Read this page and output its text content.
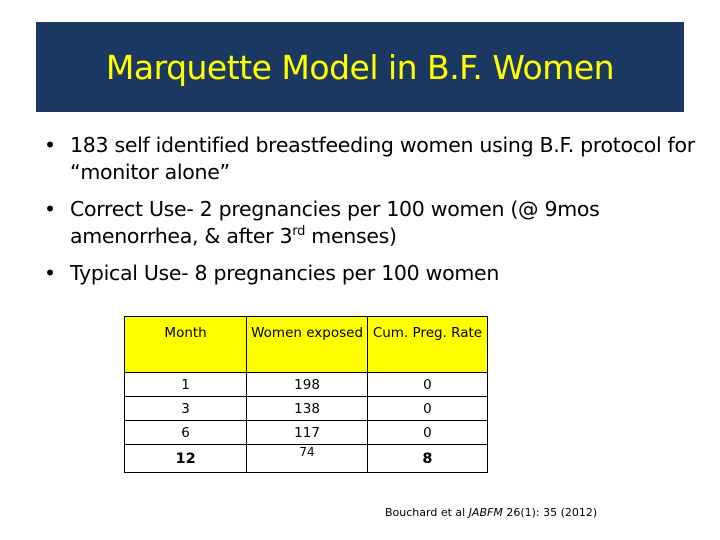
Marquette Model in B.F. Women
• 183 self identified breastfeeding women using B.F. protocol for “monitor alone”
• Correct Use- 2 pregnancies per 100 women (@ 9mos amenorrhea, & after 3rd menses)
• Typical Use- 8 pregnancies per 100 women
Month	Women exposed	Cum. Preg. Rate
1	198	0
3	138	0
6	117	0
12	74	8
Bouchard et al JABFM 26(1): 35 (2012)
